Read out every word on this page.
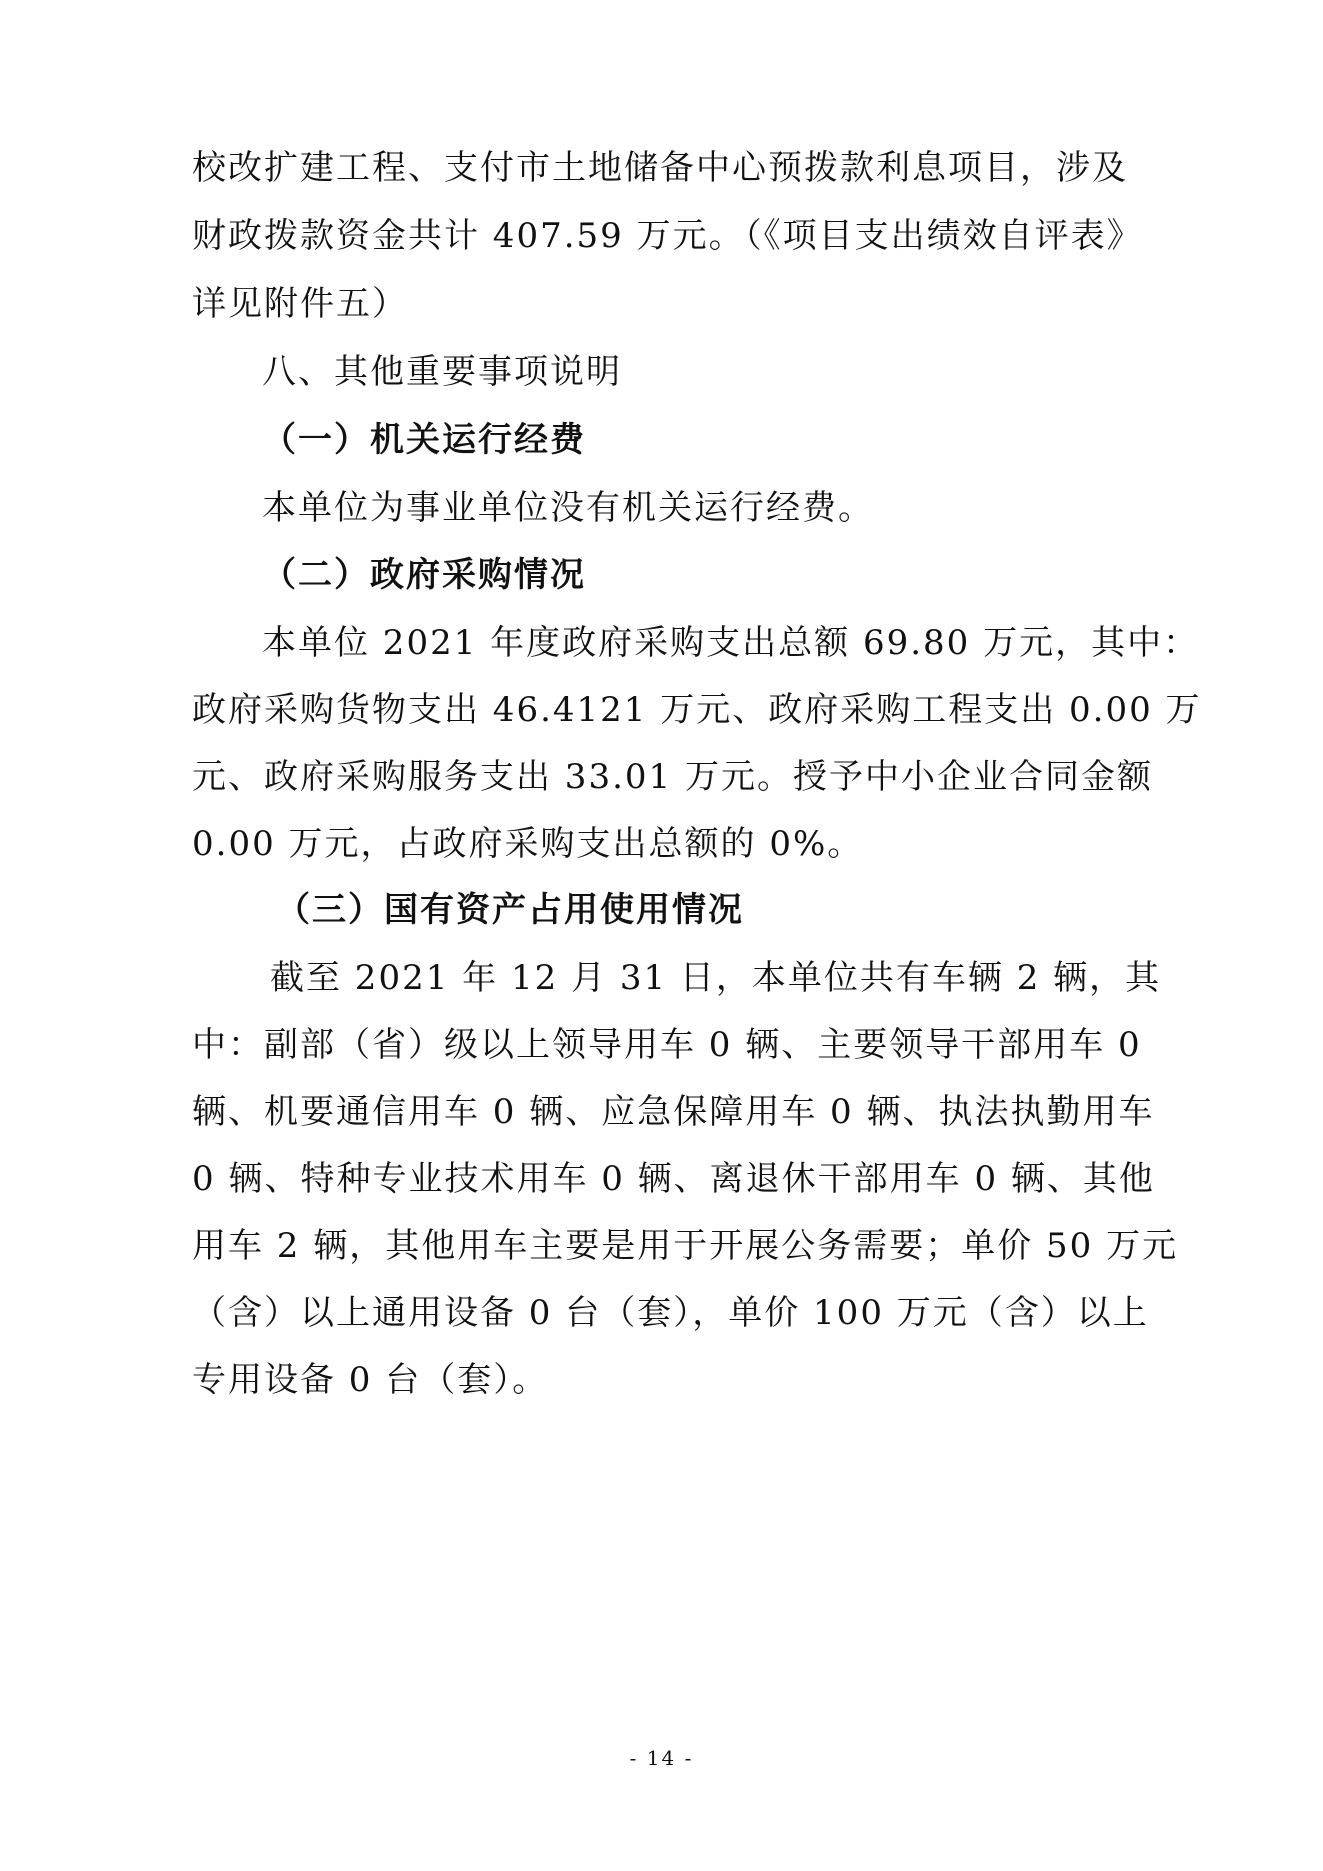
校改扩建工程、支付市土地储备中心预拨款利息项目，涉及
财政拨款资金共计 407.59 万元。（《项目支出绩效自评表》
详见附件五）
八、其他重要事项说明
（一）机关运行经费
本单位为事业单位没有机关运行经费。
（二）政府采购情况
本单位 2021 年度政府采购支出总额 69.80 万元，其中：
政府采购货物支出 46.4121 万元、政府采购工程支出 0.00 万
元、政府采购服务支出 33.01 万元。授予中小企业合同金额
0.00 万元，占政府采购支出总额的 0%。
（三）国有资产占用使用情况
截至 2021 年 12 月 31 日，本单位共有车辆 2 辆，其
中：副部（省）级以上领导用车 0 辆、主要领导干部用车 0
辆、机要通信用车 0 辆、应急保障用车 0 辆、执法执勤用车
0 辆、特种专业技术用车 0 辆、离退休干部用车 0 辆、其他
用车 2 辆，其他用车主要是用于开展公务需要；单价 50 万元
（含）以上通用设备 0 台（套），单价 100 万元（含）以上
专用设备 0 台（套）。
- 14 -
